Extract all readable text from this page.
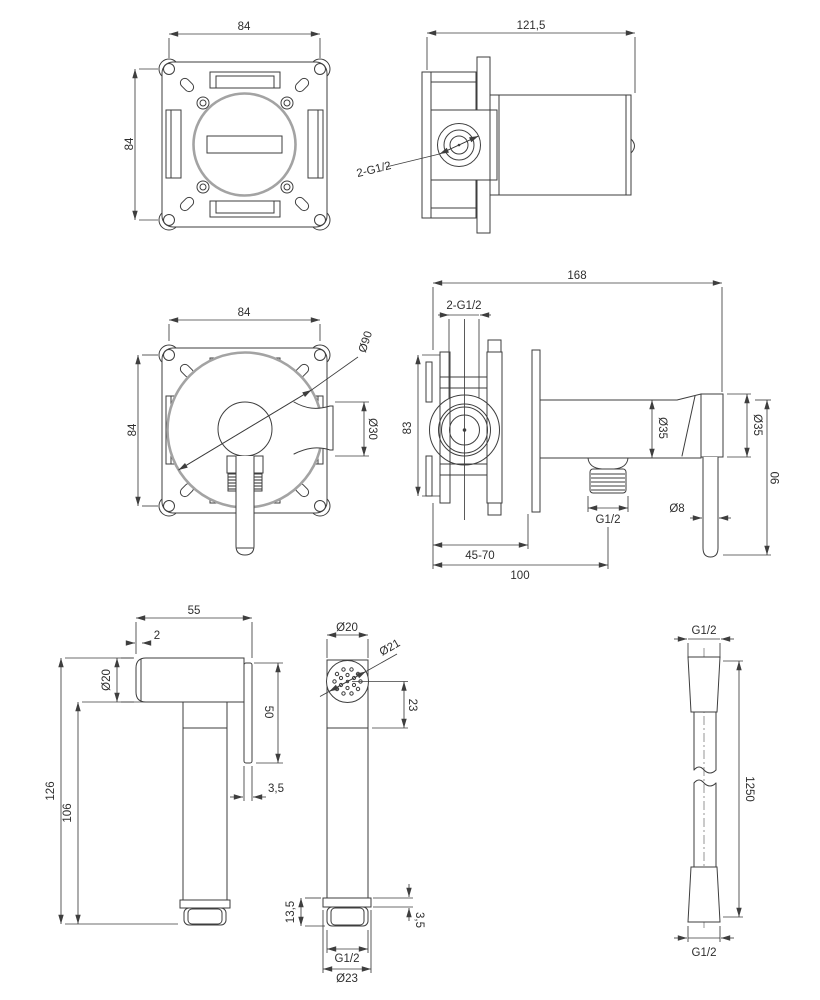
84
84
121,5
2-G1/2
84
84
Ø90
Ø30
168
2-G1/2
83	Ø35	Ø35
90
Ø8
G1/2
45-70
100
55
2
Ø20
50
3,5
126
106
Ø20
Ø21
23
13,5	3,5
G1/2
Ø23
G1/2
1250
G1/2
